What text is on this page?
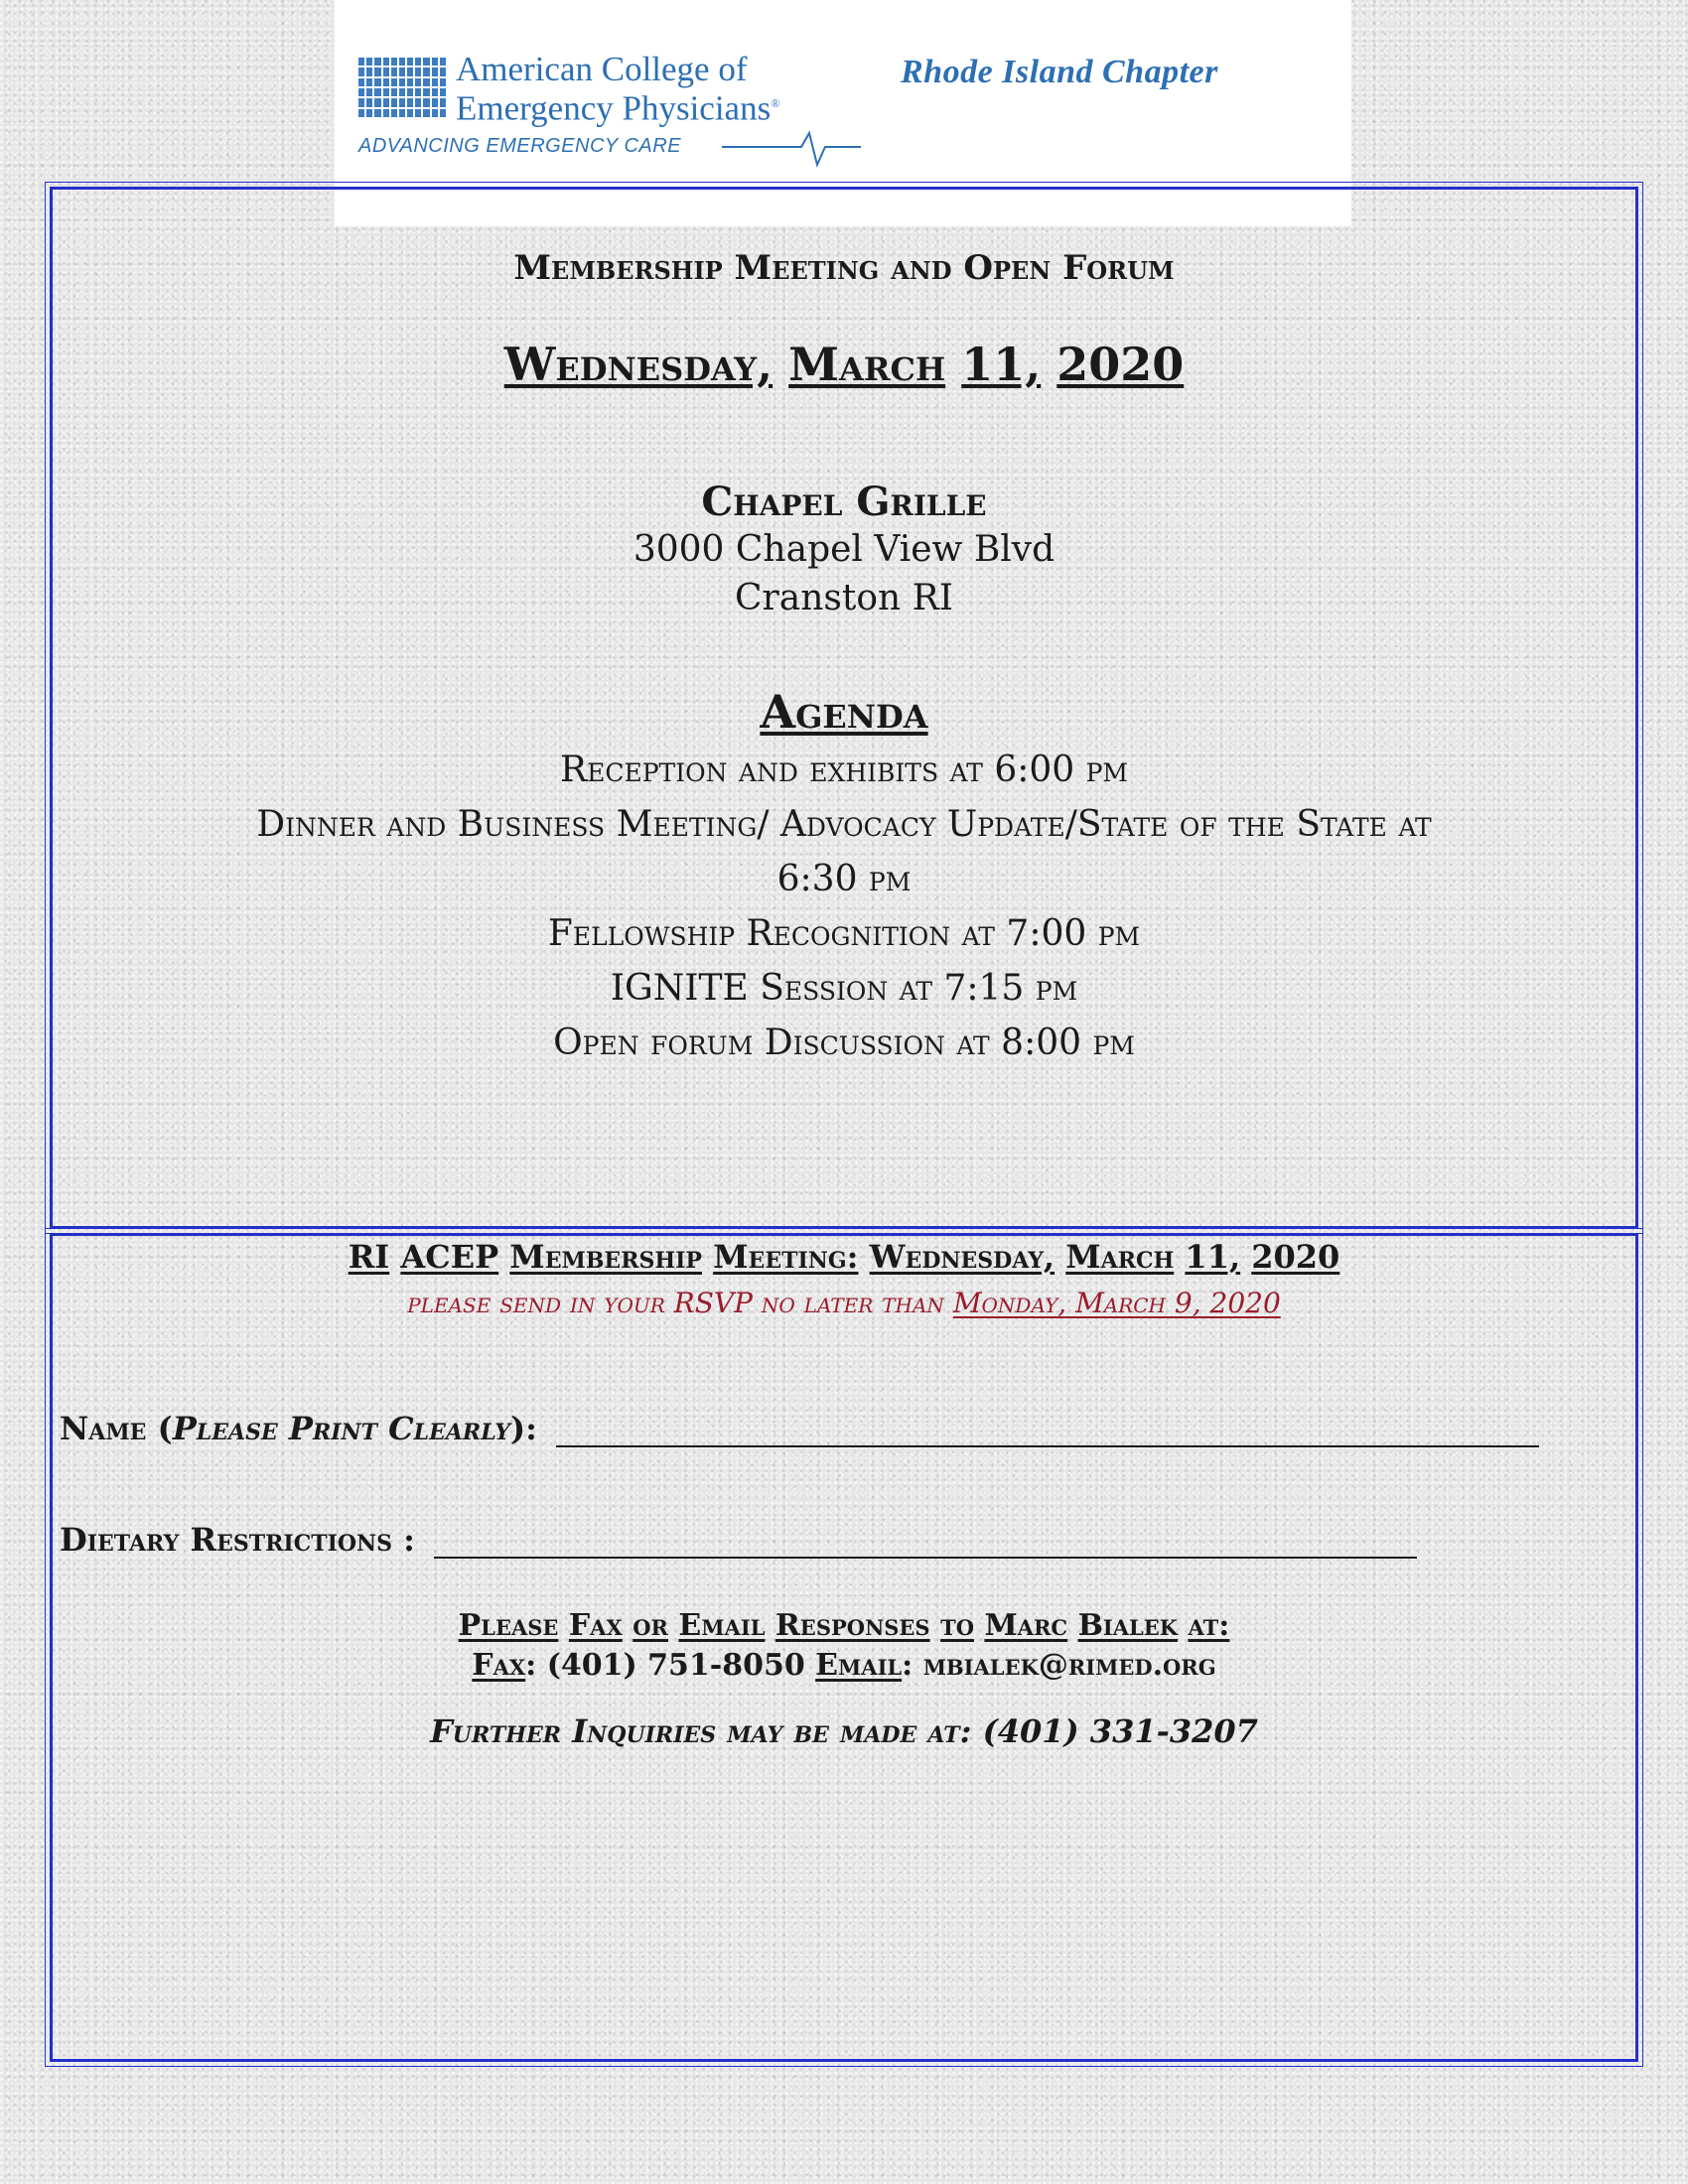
American College of
Emergency Physicians®
ADVANCING EMERGENCY CARE
Rhode Island Chapter
Membership Meeting and Open Forum
Wednesday, March 11, 2020
Chapel Grille
3000 Chapel View Blvd
Cranston RI
Agenda
Reception and exhibits at 6:00 pm
Dinner and Business Meeting/ Advocacy Update/State of the State at
6:30 pm
Fellowship Recognition at 7:00 pm
IGNITE Session at 7:15 pm
Open forum Discussion at 8:00 pm
RI ACEP Membership Meeting: Wednesday, March 11, 2020
please send in your RSVP no later than Monday, March 9, 2020
Name (Please Print Clearly):
Dietary Restrictions :
Please Fax or Email Responses to Marc Bialek at:
Fax: (401) 751-8050 Email: mbialek@rimed.org
Further Inquiries may be made at: (401) 331-3207
